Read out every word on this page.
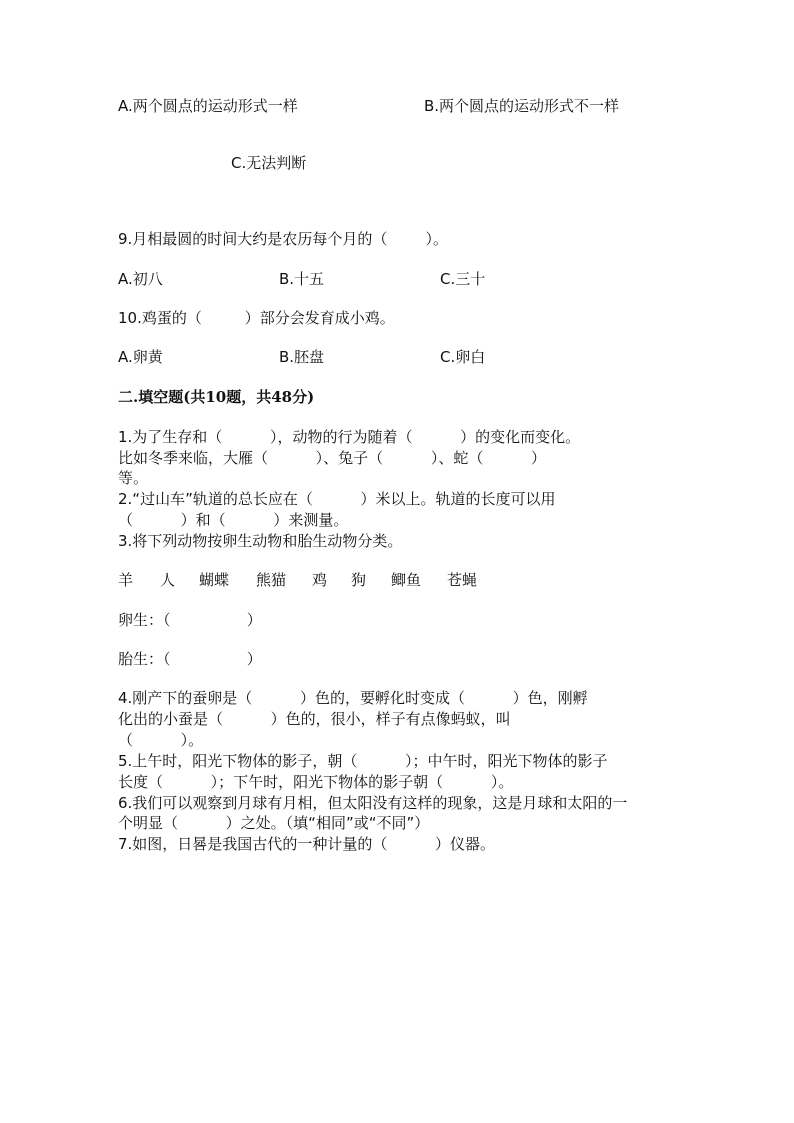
A.两个圆点的运动形式一样	B.两个圆点的运动形式不一样
C.无法判断
9.月相最圆的时间大约是农历每个月的（        ）。
A.初八	B.十五	C.三十
10.鸡蛋的（         ）部分会发育成小鸡。
A.卵黄	B.胚盘	C.卵白
二.填空题(共10题，共48分)
1.为了生存和（          ），动物的行为随着（          ）的变化而变化。
比如冬季来临，大雁（          ）、兔子（          ）、蛇（          ）
等。
2.“过山车”轨道的总长应在（          ）米以上。轨道的长度可以用
（          ）和（          ）来测量。
3.将下列动物按卵生动物和胎生动物分类。
羊 人 蝴蝶 熊猫 鸡 狗 鲫鱼 苍蝇
卵生：（                ）
胎生：（                ）
4.刚产下的蚕卵是（          ）色的，要孵化时变成（          ）色，刚孵
化出的小蚕是（          ）色的，很小，样子有点像蚂蚁，叫
（          ）。
5.上午时，阳光下物体的影子，朝（          ）；中午时，阳光下物体的影子
长度（          ）；下午时，阳光下物体的影子朝（          ）。
6.我们可以观察到月球有月相，但太阳没有这样的现象，这是月球和太阳的一
个明显（          ）之处。（填“相同”或“不同”）
7.如图，日晷是我国古代的一种计量的（          ）仪器。
